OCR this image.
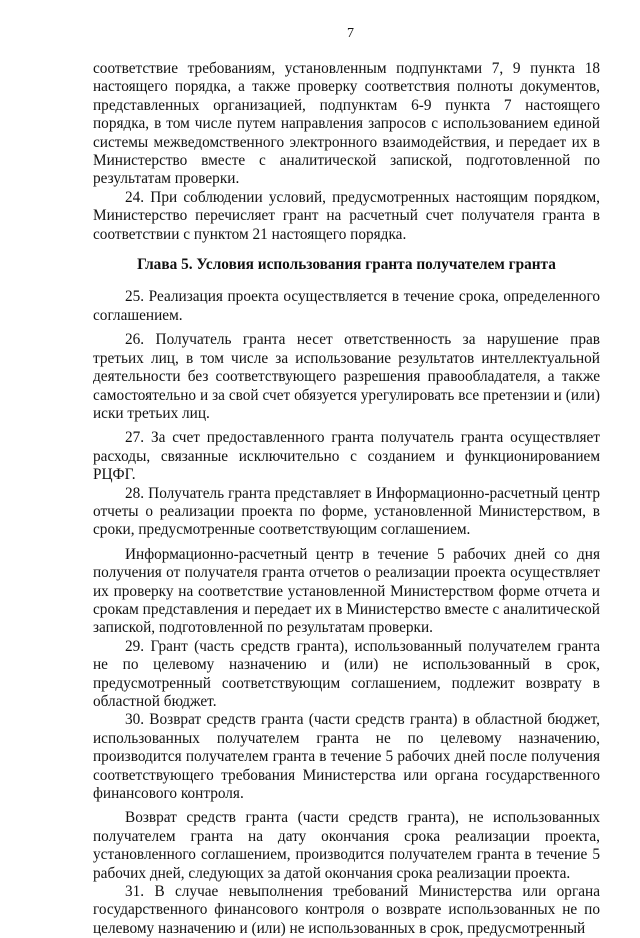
7

соответствие требованиям, установленным подпунктами 7, 9 пункта 18 настоящего порядка, а также проверку соответствия полноты документов, представленных организацией, подпунктам 6-9 пункта 7 настоящего порядка, в том числе путем направления запросов с использованием единой системы межведомственного электронного взаимодействия, и передает их в Министерство вместе с аналитической запиской, подготовленной по результатам проверки.

24. При соблюдении условий, предусмотренных настоящим порядком, Министерство перечисляет грант на расчетный счет получателя гранта в соответствии с пунктом 21 настоящего порядка.

Глава 5. Условия использования гранта получателем гранта

25. Реализация проекта осуществляется в течение срока, определенного соглашением.

26. Получатель гранта несет ответственность за нарушение прав третьих лиц, в том числе за использование результатов интеллектуальной деятельности без соответствующего разрешения правообладателя, а также самостоятельно и за свой счет обязуется урегулировать все претензии и (или) иски третьих лиц.

27. За счет предоставленного гранта получатель гранта осуществляет расходы, связанные исключительно с созданием и функционированием РЦФГ.

28. Получатель гранта представляет в Информационно-расчетный центр отчеты о реализации проекта по форме, установленной Министерством, в сроки, предусмотренные соответствующим соглашением.

Информационно-расчетный центр в течение 5 рабочих дней со дня получения от получателя гранта отчетов о реализации проекта осуществляет их проверку на соответствие установленной Министерством форме отчета и срокам представления и передает их в Министерство вместе с аналитической запиской, подготовленной по результатам проверки.

29. Грант (часть средств гранта), использованный получателем гранта не по целевому назначению и (или) не использованный в срок, предусмотренный соответствующим соглашением, подлежит возврату в областной бюджет.

30. Возврат средств гранта (части средств гранта) в областной бюджет, использованных получателем гранта не по целевому назначению, производится получателем гранта в течение 5 рабочих дней после получения соответствующего требования Министерства или органа государственного финансового контроля.

Возврат средств гранта (части средств гранта), не использованных получателем гранта на дату окончания срока реализации проекта, установленного соглашением, производится получателем гранта в течение 5 рабочих дней, следующих за датой окончания срока реализации проекта.

31. В случае невыполнения требований Министерства или органа государственного финансового контроля о возврате использованных не по целевому назначению и (или) не использованных в срок, предусмотренный
